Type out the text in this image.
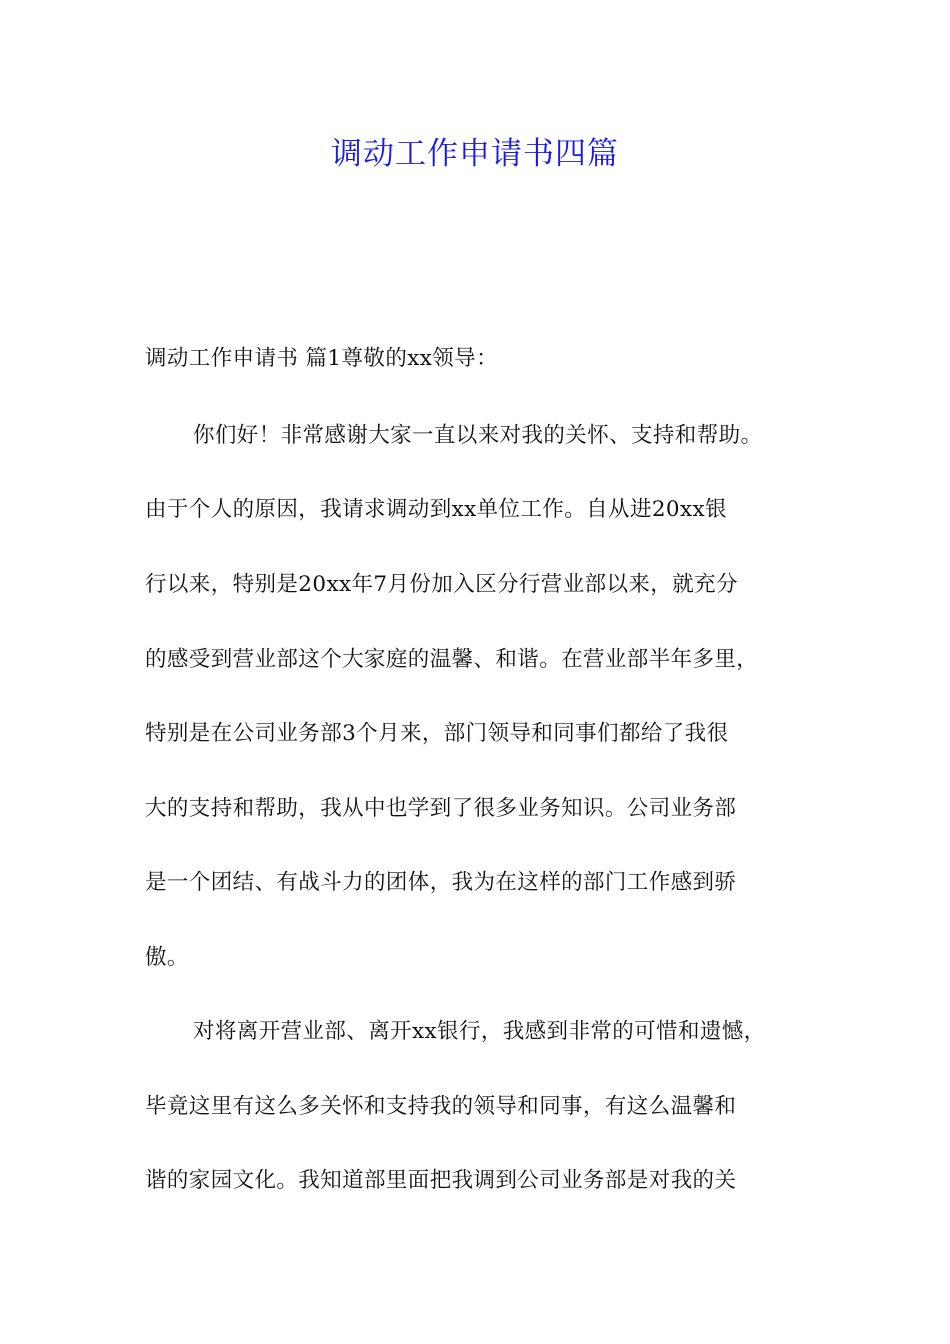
调动工作申请书四篇
调动工作申请书 篇1尊敬的xx领导：
你们好！非常感谢大家一直以来对我的关怀、支持和帮助。
由于个人的原因，我请求调动到xx单位工作。自从进20xx银
行以来，特别是20xx年7月份加入区分行营业部以来，就充分
的感受到营业部这个大家庭的温馨、和谐。在营业部半年多里，
特别是在公司业务部3个月来，部门领导和同事们都给了我很
大的支持和帮助，我从中也学到了很多业务知识。公司业务部
是一个团结、有战斗力的团体，我为在这样的部门工作感到骄
傲。
对将离开营业部、离开xx银行，我感到非常的可惜和遗憾，
毕竟这里有这么多关怀和支持我的领导和同事，有这么温馨和
谐的家园文化。我知道部里面把我调到公司业务部是对我的关
